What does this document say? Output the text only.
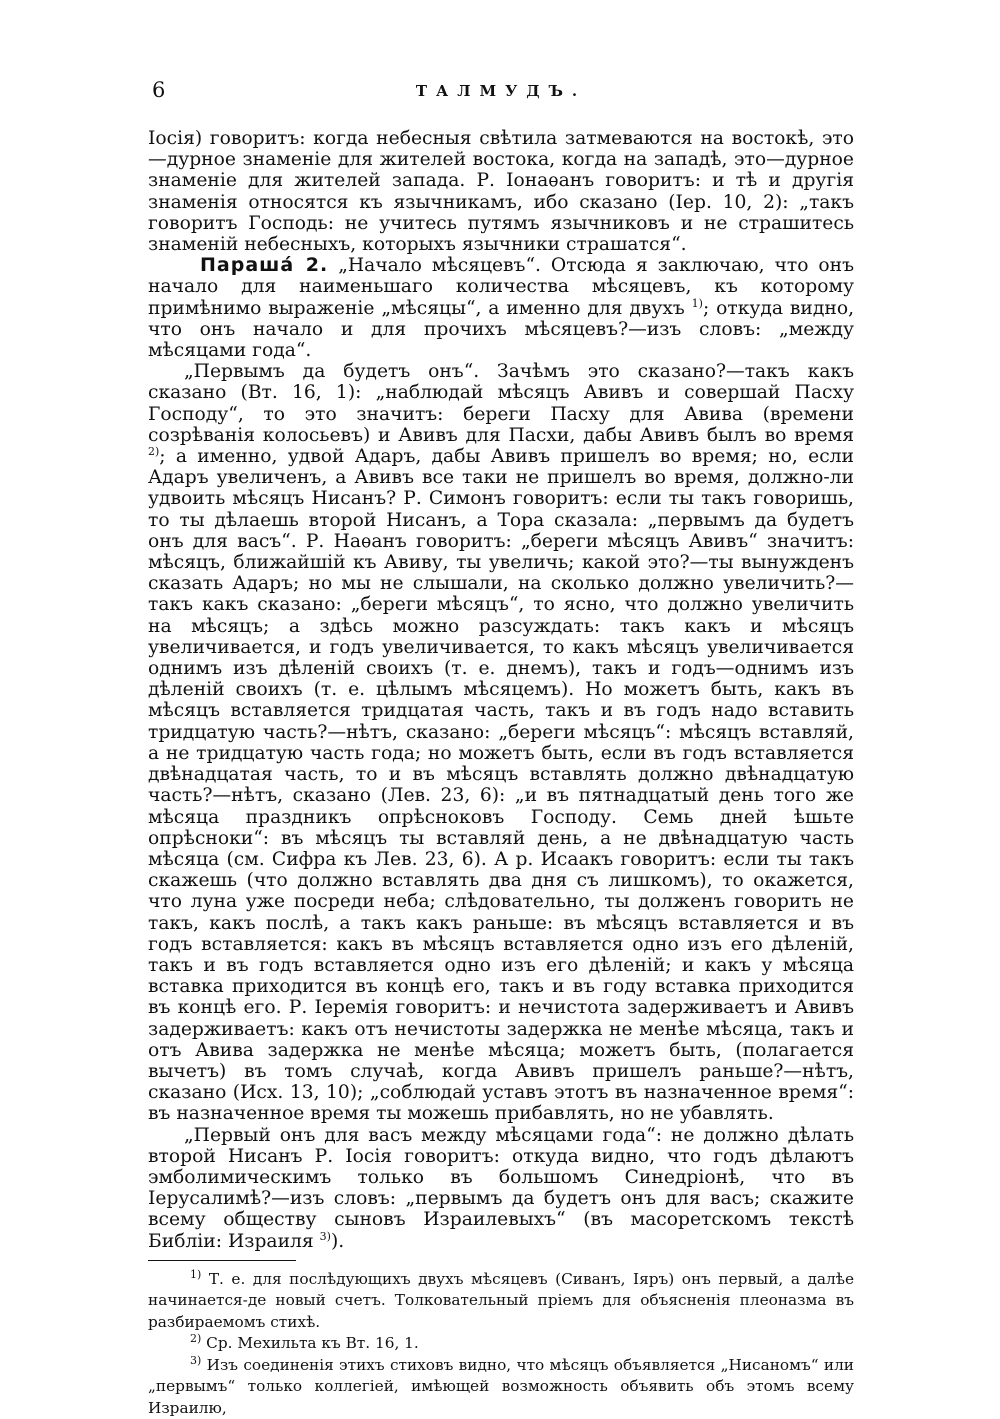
6	ТАЛМУДЪ.

Іосія) говоритъ: когда небесныя свѣтила затмеваются на востокѣ, это—дурное знаменіе для жителей востока, когда на западѣ, это—дурное знаменіе для жителей запада. Р. Іонаѳанъ говоритъ: и тѣ и другія знаменія относятся къ язычникамъ, ибо сказано (Іер. 10, 2): „такъ говоритъ Господь: не учитесь путямъ язычниковъ и не страшитесь знаменій небесныхъ, которыхъ язычники страшатся“.

Парашá 2. „Начало мѣсяцевъ“. Отсюда я заключаю, что онъ начало для наименьшаго количества мѣсяцевъ, къ которому примѣнимо выраженіе „мѣсяцы“, а именно для двухъ $^{1)}$; откуда видно, что онъ начало и для прочихъ мѣсяцевъ?—изъ словъ: „между мѣсяцами года“.

„Первымъ да будетъ онъ“. Зачѣмъ это сказано?—такъ какъ сказано (Вт. 16, 1): „наблюдай мѣсяцъ Авивъ и совершай Пасху Господу“, то это значитъ: береги Пасху для Авива (времени созрѣванія колосьевъ) и Авивъ для Пасхи, дабы Авивъ былъ во время $^{2)}$; а именно, удвой Адаръ, дабы Авивъ пришелъ во время; но, если Адаръ увеличенъ, а Авивъ все таки не пришелъ во время, должно-ли удвоить мѣсяцъ Нисанъ? Р. Симонъ говоритъ: если ты такъ говоришь, то ты дѣлаешь второй Нисанъ, а Тора сказала: „первымъ да будетъ онъ для васъ“. Р. Наѳанъ говоритъ: „береги мѣсяцъ Авивъ“ значитъ: мѣсяцъ, ближайшій къ Авиву, ты увеличь; какой это?—ты вынужденъ сказать Адаръ; но мы не слышали, на сколько должно увеличить?—такъ какъ сказано: „береги мѣсяцъ“, то ясно, что должно увеличить на мѣсяцъ; а здѣсь можно разсуждать: такъ какъ и мѣсяцъ увеличивается, и годъ увеличивается, то какъ мѣсяцъ увеличивается однимъ изъ дѣленій своихъ (т. е. днемъ), такъ и годъ—однимъ изъ дѣленій своихъ (т. е. цѣлымъ мѣсяцемъ). Но можетъ быть, какъ въ мѣсяцъ вставляется тридцатая часть, такъ и въ годъ надо вставить тридцатую часть?—нѣтъ, сказано: „береги мѣсяцъ“: мѣсяцъ вставляй, а не тридцатую часть года; но можетъ быть, если въ годъ вставляется двѣнадцатая часть, то и въ мѣсяцъ вставлять должно двѣнадцатую часть?—нѣтъ, сказано (Лев. 23, 6): „и въ пятнадцатый день того же мѣсяца праздникъ опрѣсноковъ Господу. Семь дней ѣшьте опрѣсноки“: въ мѣсяцъ ты вставляй день, а не двѣнадцатую часть мѣсяца (см. Сифра къ Лев. 23, 6). А р. Исаакъ говоритъ: если ты такъ скажешь (что должно вставлять два дня съ лишкомъ), то окажется, что луна уже посреди неба; слѣдовательно, ты долженъ говорить не такъ, какъ послѣ, а такъ какъ раньше: въ мѣсяцъ вставляется и въ годъ вставляется: какъ въ мѣсяцъ вставляется одно изъ его дѣленій, такъ и въ годъ вставляется одно изъ его дѣленій; и какъ у мѣсяца вставка приходится въ концѣ его, такъ и въ году вставка приходится въ концѣ его. Р. Іеремія говоритъ: и нечистота задерживаетъ и Авивъ задерживаетъ: какъ отъ нечистоты задержка не менѣе мѣсяца, такъ и отъ Авива задержка не менѣе мѣсяца; можетъ быть, (полагается вычетъ) въ томъ случаѣ, когда Авивъ пришелъ раньше?—нѣтъ, сказано (Исх. 13, 10); „соблюдай уставъ этотъ въ назначенное время“: въ назначенное время ты можешь прибавлять, но не убавлять.

„Первый онъ для васъ между мѣсяцами года“: не должно дѣлать второй Нисанъ Р. Іосія говоритъ: откуда видно, что годъ дѣлаютъ эмболимическимъ только въ большомъ Синедріонѣ, что въ Іерусалимѣ?—изъ словъ: „первымъ да будетъ онъ для васъ; скажите всему обществу сыновъ Израилевыхъ“ (въ масоретскомъ текстѣ Библіи: Израиля $^{3)}$).

$^{1)}$ Т. е. для послѣдующихъ двухъ мѣсяцевъ (Сиванъ, Іяръ) онъ первый, а далѣе начинается-де новый счетъ. Толковательный пріемъ для объясненія плеоназма въ разбираемомъ стихѣ.

$^{2)}$ Ср. Мехильта къ Вт. 16, 1.

$^{3)}$ Изъ соединенія этихъ стиховъ видно, что мѣсяцъ объявляется „Нисаномъ“ или „первымъ“ только коллегіей, имѣющей возможность объявить объ этомъ всему Израилю,
